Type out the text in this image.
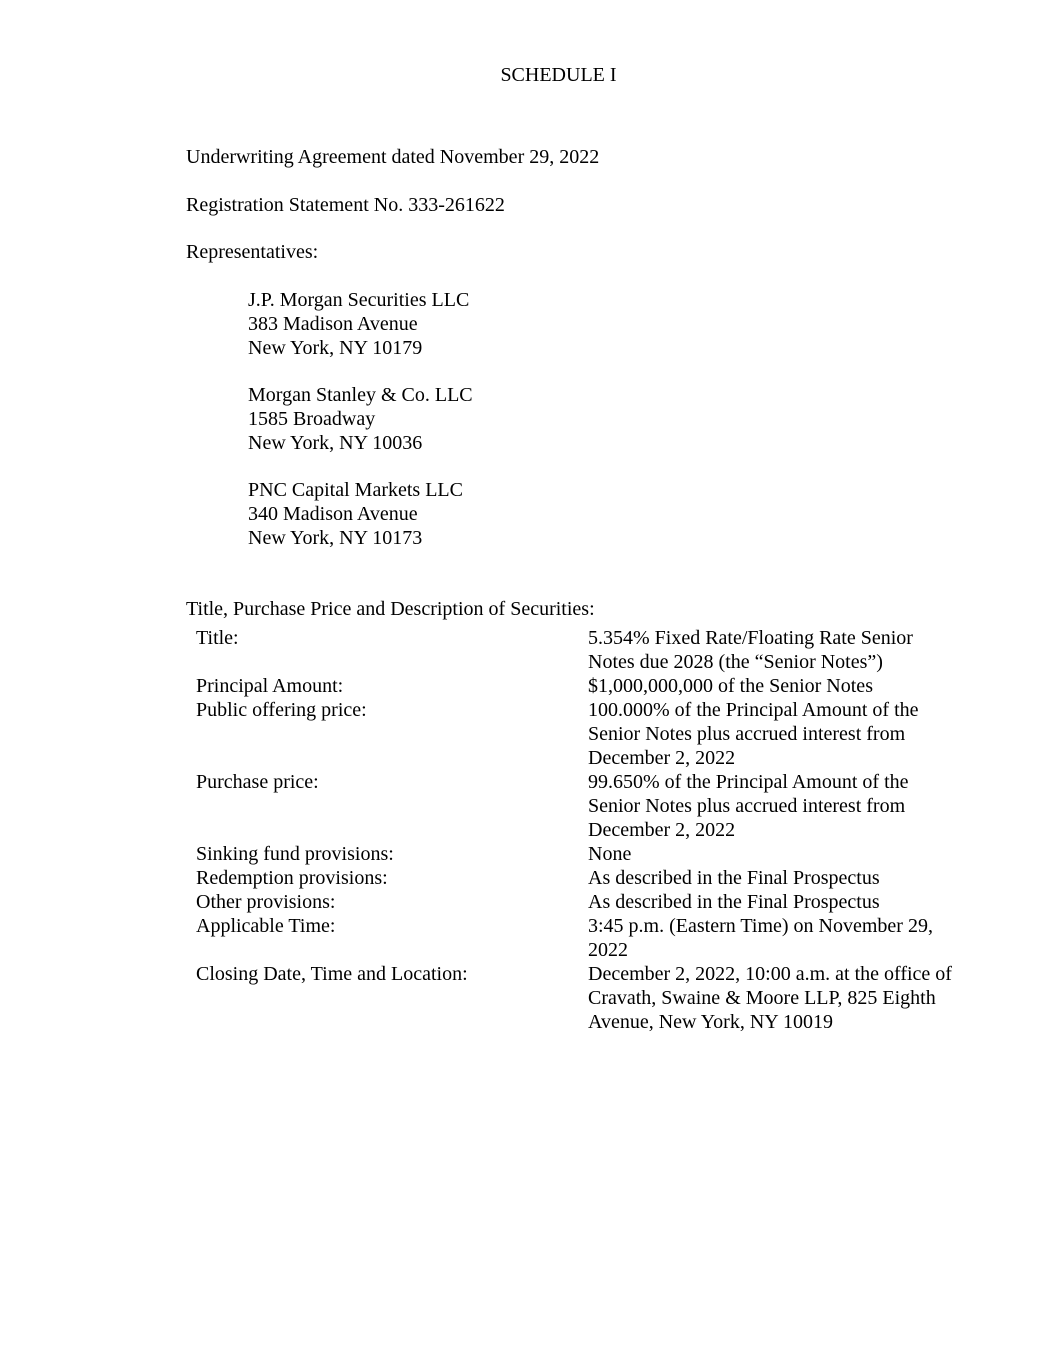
SCHEDULE I
Underwriting Agreement dated November 29, 2022
Registration Statement No. 333-261622
Representatives:
J.P. Morgan Securities LLC
383 Madison Avenue
New York, NY 10179
Morgan Stanley & Co. LLC
1585 Broadway
New York, NY 10036
PNC Capital Markets LLC
340 Madison Avenue
New York, NY 10173
Title, Purchase Price and Description of Securities:
Title:	5.354% Fixed Rate/Floating Rate Senior
Notes due 2028 (the “Senior Notes”)
Principal Amount:	$1,000,000,000 of the Senior Notes
Public offering price:	100.000% of the Principal Amount of the
Senior Notes plus accrued interest from
December 2, 2022
Purchase price:	99.650% of the Principal Amount of the
Senior Notes plus accrued interest from
December 2, 2022
Sinking fund provisions:	None
Redemption provisions:	As described in the Final Prospectus
Other provisions:	As described in the Final Prospectus
Applicable Time:	3:45 p.m. (Eastern Time) on November 29,
2022
Closing Date, Time and Location:	December 2, 2022, 10:00 a.m. at the office of
Cravath, Swaine & Moore LLP, 825 Eighth
Avenue, New York, NY 10019
